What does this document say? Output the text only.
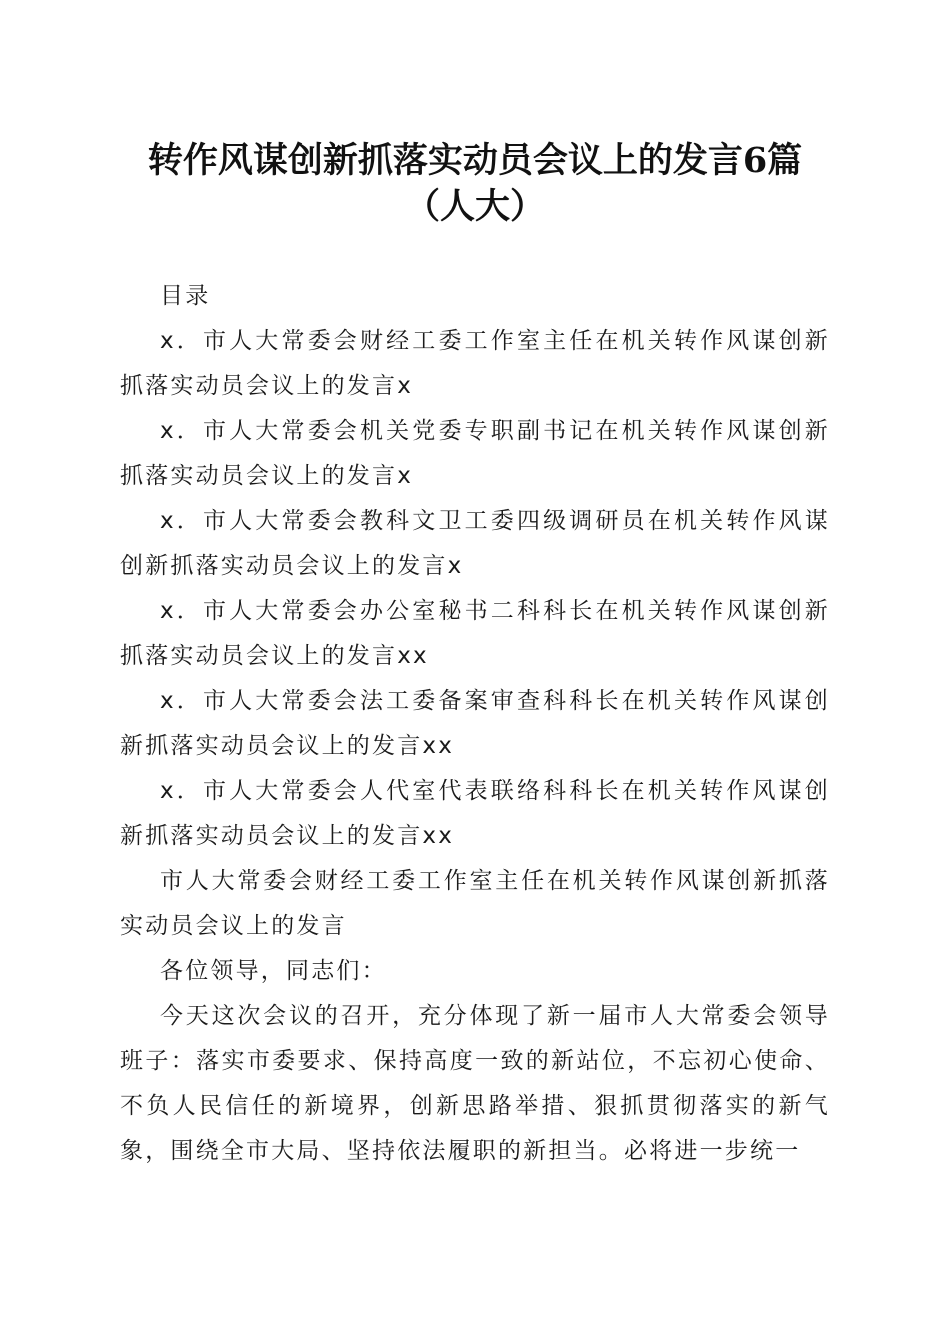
转作风谋创新抓落实动员会议上的发言6篇
（人大）

目录

x．市人大常委会财经工委工作室主任在机关转作风谋创新抓落实动员会议上的发言x

x．市人大常委会机关党委专职副书记在机关转作风谋创新抓落实动员会议上的发言x

x．市人大常委会教科文卫工委四级调研员在机关转作风谋创新抓落实动员会议上的发言x

x．市人大常委会办公室秘书二科科长在机关转作风谋创新抓落实动员会议上的发言xx

x．市人大常委会法工委备案审查科科长在机关转作风谋创新抓落实动员会议上的发言xx

x．市人大常委会人代室代表联络科科长在机关转作风谋创新抓落实动员会议上的发言xx

市人大常委会财经工委工作室主任在机关转作风谋创新抓落实动员会议上的发言

各位领导，同志们：

今天这次会议的召开，充分体现了新一届市人大常委会领导班子：落实市委要求、保持高度一致的新站位，不忘初心使命、不负人民信任的新境界，创新思路举措、狠抓贯彻落实的新气象，围绕全市大局、坚持依法履职的新担当。必将进一步统一
